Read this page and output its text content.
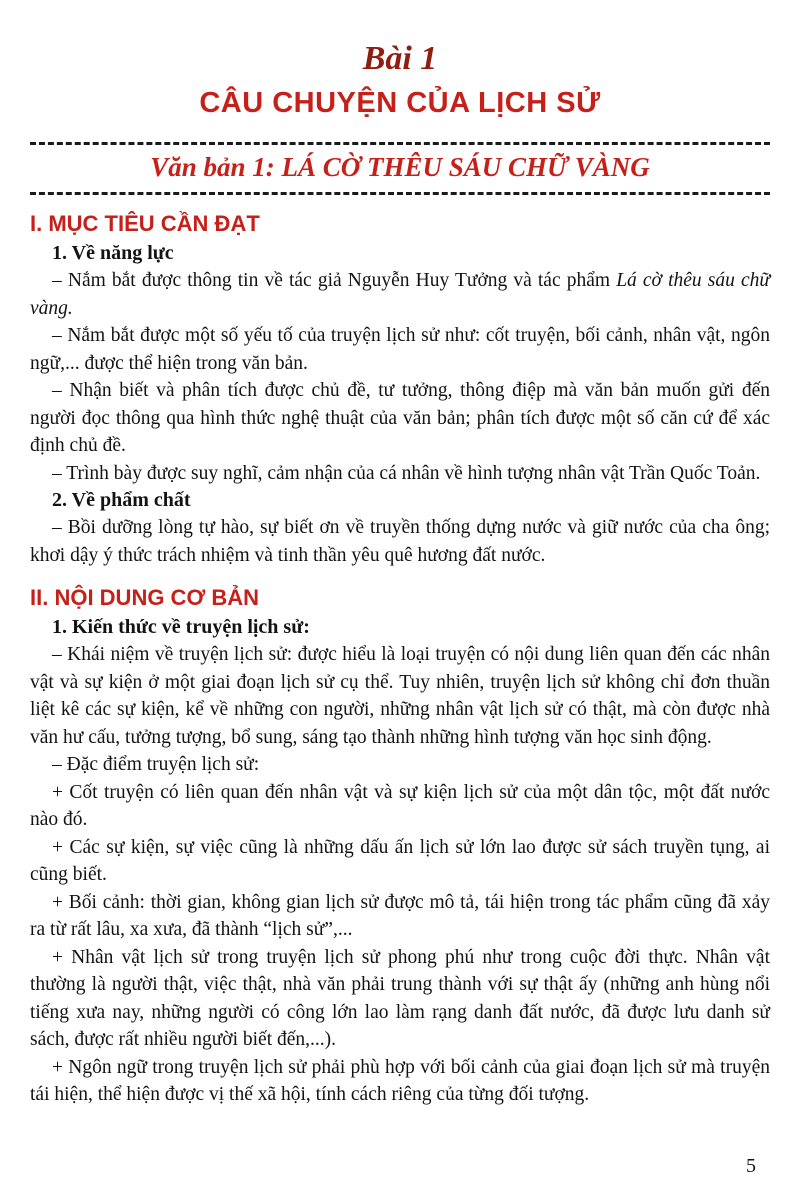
Bài 1
CÂU CHUYỆN CỦA LỊCH SỬ
Văn bản 1: LÁ CỜ THÊU SÁU CHỮ VÀNG
I. MỤC TIÊU CẦN ĐẠT
1. Về năng lực

– Nắm bắt được thông tin về tác giả Nguyễn Huy Tưởng và tác phẩm Lá cờ thêu sáu chữ vàng.

– Nắm bắt được một số yếu tố của truyện lịch sử như: cốt truyện, bối cảnh, nhân vật, ngôn ngữ,... được thể hiện trong văn bản.

– Nhận biết và phân tích được chủ đề, tư tưởng, thông điệp mà văn bản muốn gửi đến người đọc thông qua hình thức nghệ thuật của văn bản; phân tích được một số căn cứ để xác định chủ đề.

– Trình bày được suy nghĩ, cảm nhận của cá nhân về hình tượng nhân vật Trần Quốc Toản.

2. Về phẩm chất

– Bồi dưỡng lòng tự hào, sự biết ơn về truyền thống dựng nước và giữ nước của cha ông; khơi dậy ý thức trách nhiệm và tinh thần yêu quê hương đất nước.

II. NỘI DUNG CƠ BẢN
1. Kiến thức về truyện lịch sử:

– Khái niệm về truyện lịch sử: được hiểu là loại truyện có nội dung liên quan đến các nhân vật và sự kiện ở một giai đoạn lịch sử cụ thể. Tuy nhiên, truyện lịch sử không chỉ đơn thuần liệt kê các sự kiện, kể về những con người, những nhân vật lịch sử có thật, mà còn được nhà văn hư cấu, tưởng tượng, bổ sung, sáng tạo thành những hình tượng văn học sinh động.

– Đặc điểm truyện lịch sử:

+ Cốt truyện có liên quan đến nhân vật và sự kiện lịch sử của một dân tộc, một đất nước nào đó.

+ Các sự kiện, sự việc cũng là những dấu ấn lịch sử lớn lao được sử sách truyền tụng, ai cũng biết.

+ Bối cảnh: thời gian, không gian lịch sử được mô tả, tái hiện trong tác phẩm cũng đã xảy ra từ rất lâu, xa xưa, đã thành “lịch sử”,...

+ Nhân vật lịch sử trong truyện lịch sử phong phú như trong cuộc đời thực. Nhân vật thường là người thật, việc thật, nhà văn phải trung thành với sự thật ấy (những anh hùng nổi tiếng xưa nay, những người có công lớn lao làm rạng danh đất nước, đã được lưu danh sử sách, được rất nhiều người biết đến,...).

+ Ngôn ngữ trong truyện lịch sử phải phù hợp với bối cảnh của giai đoạn lịch sử mà truyện tái hiện, thể hiện được vị thế xã hội, tính cách riêng của từng đối tượng.

5
